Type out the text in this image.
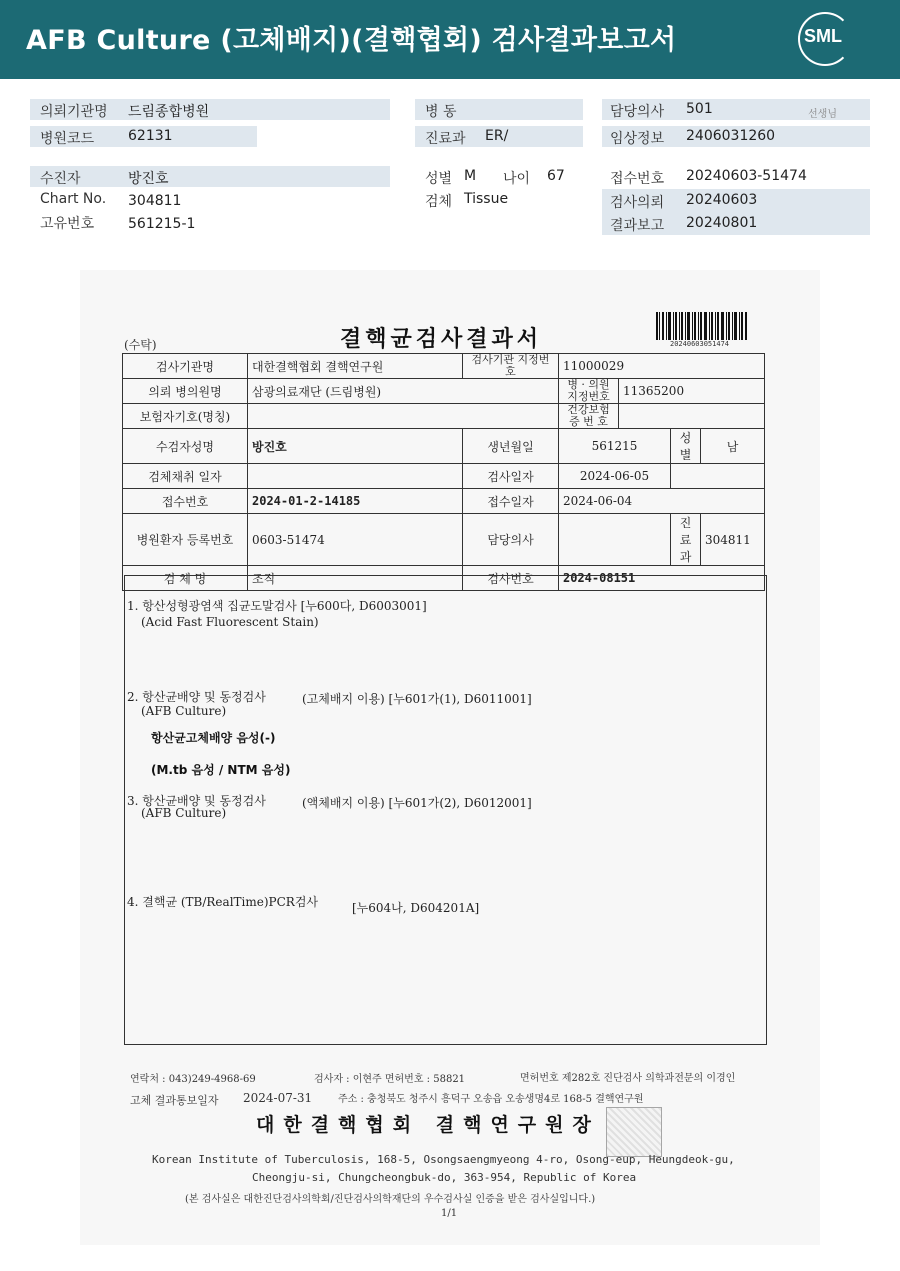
AFB Culture (고체배지)(결핵협회) 검사결과보고서	SML
의뢰기관명 드림종합병원
병원코드 62131
병 동
진료과 ER/
담당의사 501	선생님
임상정보 2406031260
수진자	방진호
Chart No. 304811
고유번호 561215-1
성별 M 나이 67
검체 Tissue
접수번호 20240603-51474
검사의뢰 20240603
결과보고 20240801
(수탁)	결핵균검사결과서	20240603051474
검사기관명	대한결핵협회 결핵연구원	검사기관 지정번호	11000029			
의뢰 병의원명	삼광의료재단 (드림병원)		병 · 의원 지정번호	11365200		
보험자기호(명칭)			건강보험 증 번 호			
수검자성명	방진호	생년월일	561215		성별	남
검체채취 일자		검사일자	2024-06-05			
접수번호	2024-01-2-14185	접수일자	2024-06-04			
병원환자 등록번호	0603-51474	담당의사			진료과	304811
검 체 명	조직	검사번호	2024-08151			
1. 항산성형광염색 집균도말검사 [누600다, D6003001]
(Acid Fast Fluorescent Stain)
2. 항산균배양 및 동정검사	(고체배지 이용) [누601가(1), D6011001]
(AFB Culture)
항산균고체배양 음성(-)
(M.tb 음성 / NTM 음성)
3. 항산균배양 및 동정검사	(액체배지 이용) [누601가(2), D6012001]
(AFB Culture)
4. 결핵균 (TB/RealTime)PCR검사	[누604나, D604201A]
연락처 : 043)249-4968-69	검사자 : 이현주 면허번호 : 58821	면허번호 제282호 진단검사 의학과전문의 이경인
고체 결과통보일자 2024-07-31	주소 : 충청북도 청주시 흥덕구 오송읍 오송생명4로 168-5 결핵연구원
대한결핵협회 결핵연구원장
Korean Institute of Tuberculosis, 168-5, Osongsaengmyeong 4-ro, Osong-eup, Heungdeok-gu,
Cheongju-si, Chungcheongbuk-do, 363-954, Republic of Korea
(본 검사실은 대한진단검사의학회/진단검사의학재단의 우수검사실 인증을 받은 검사실입니다.)
1/1
